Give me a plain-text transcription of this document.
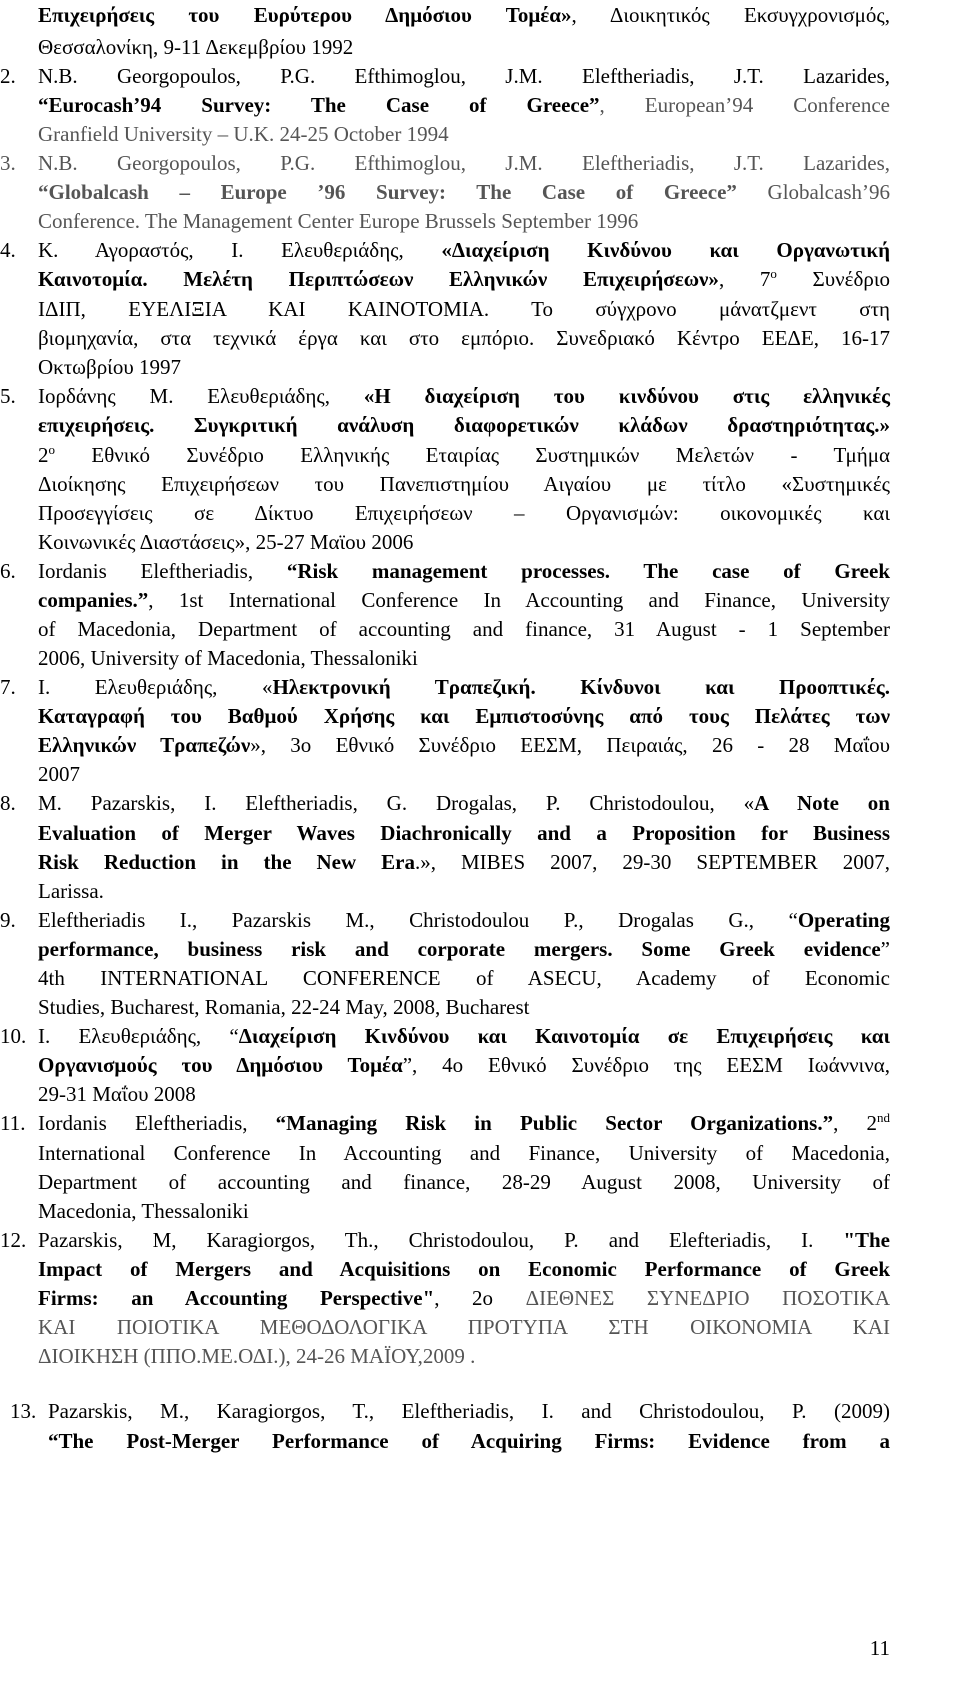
Επιχειρήσεις του Ευρύτερου Δημόσιου Τομέα», Διοικητικός Εκσυγχρονισμός,
Θεσσαλονίκη, 9-11 Δεκεμβρίου 1992
2. N.B. Georgopoulos, P.G. Efthimoglou, J.M. Eleftheriadis, J.T. Lazarides,
“Eurocash’94 Survey: The Case of Greece”, European’94 Conference
Granfield University – U.K. 24-25 October 1994
3. N.B. Georgopoulos, P.G. Efthimoglou, J.M. Eleftheriadis, J.T. Lazarides,
“Globalcash – Europe ’96 Survey: The Case of Greece” Globalcash’96
Conference. The Management Center Europe Brussels September 1996
4. Κ. Αγοραστός, Ι. Ελευθεριάδης, «Διαχείριση Κινδύνου και Οργανωτική
Καινοτομία. Μελέτη Περιπτώσεων Ελληνικών Επιχειρήσεων», $7^o$ Συνέδριο
ΙΔΙΠ, ΕΥΕΛΙΞΙΑ ΚΑΙ ΚΑΙΝΟΤΟΜΙΑ. Το σύγχρονο μάνατζμεντ στη
βιομηχανία, στα τεχνικά έργα και στο εμπόριο. Συνεδριακό Κέντρο ΕΕΔΕ, 16-17
Οκτωβρίου 1997
5. Ιορδάνης Μ. Ελευθεριάδης, «Η διαχείριση του κινδύνου στις ελληνικές
επιχειρήσεις. Συγκριτική ανάλυση διαφορετικών κλάδων δραστηριότητας.»
$2^o$ Εθνικό Συνέδριο Ελληνικής Εταιρίας Συστημικών Μελετών - Τμήμα
Διοίκησης Επιχειρήσεων του Πανεπιστημίου Αιγαίου με τίτλο «Συστημικές
Προσεγγίσεις σε Δίκτυο Επιχειρήσεων – Οργανισμών: οικονομικές και
Κοινωνικές Διαστάσεις», 25-27 Μαϊου 2006
6. Iordanis Eleftheriadis, “Risk management processes. The case of Greek
companies.”, 1st International Conference In Accounting and Finance, University
of Macedonia, Department of accounting and finance, 31 August - 1 September
2006, University of Macedonia, Thessaloniki
7. Ι. Ελευθεριάδης, «Ηλεκτρονική Τραπεζική. Κίνδυνοι και Προοπτικές.
Καταγραφή του Βαθμού Χρήσης και Εμπιστοσύνης από τους Πελάτες των
Ελληνικών Τραπεζών», 3ο Εθνικό Συνέδριο ΕΕΣΜ, Πειραιάς, 26 - 28 Μαΐου
2007
8. M. Pazarskis, I. Eleftheriadis, G. Drogalas, P. Christodoulou, «A Note on
Evaluation of Merger Waves Diachronically and a Proposition for Business
Risk Reduction in the New Era.», MIBES 2007, 29-30 SEPTEMBER 2007,
Larissa.
9. Eleftheriadis I., Pazarskis M., Christodoulou P., Drogalas G., “Operating
performance, business risk and corporate mergers. Some Greek evidence”
4th INTERNATIONAL CONFERENCE of ASECU, Academy of Economic
Studies, Bucharest, Romania, 22-24 May, 2008, Bucharest
10. Ι. Ελευθεριάδης, “Διαχείριση Κινδύνου και Καινοτομία σε Επιχειρήσεις και
Οργανισμούς του Δημόσιου Τομέα”, 4ο Εθνικό Συνέδριο της ΕΕΣΜ Ιωάννινα,
29-31 Μαΐου 2008
11. Iordanis Eleftheriadis, “Managing Risk in Public Sector Organizations.”, 2nd
International Conference In Accounting and Finance, University of Macedonia,
Department of accounting and finance, 28-29 August 2008, University of
Macedonia, Thessaloniki
12. Pazarskis, M, Karagiorgos, Th., Christodoulou, P. and Elefteriadis, I. "The
Impact of Mergers and Acquisitions on Economic Performance of Greek
Firms: an Accounting Perspective", 2o ΔΙΕΘΝΕΣ ΣΥΝΕΔΡΙΟ ΠΟΣΟΤΙΚΑ
ΚΑΙ ΠΟΙΟΤΙΚΑ ΜΕΘΟΔΟΛΟΓΙΚΑ ΠΡΟΤΥΠΑ ΣΤΗ ΟΙΚΟΝΟΜΙΑ ΚΑΙ
ΔΙΟΙΚΗΣΗ (ΠΠΟ.ΜΕ.ΟΔΙ.), 24-26 ΜΑΪΟΥ,2009 .
13. Pazarskis, M., Karagiorgos, T., Eleftheriadis, I. and Christodoulou, P. (2009)
“The Post-Merger Performance of Acquiring Firms: Evidence from a
11
